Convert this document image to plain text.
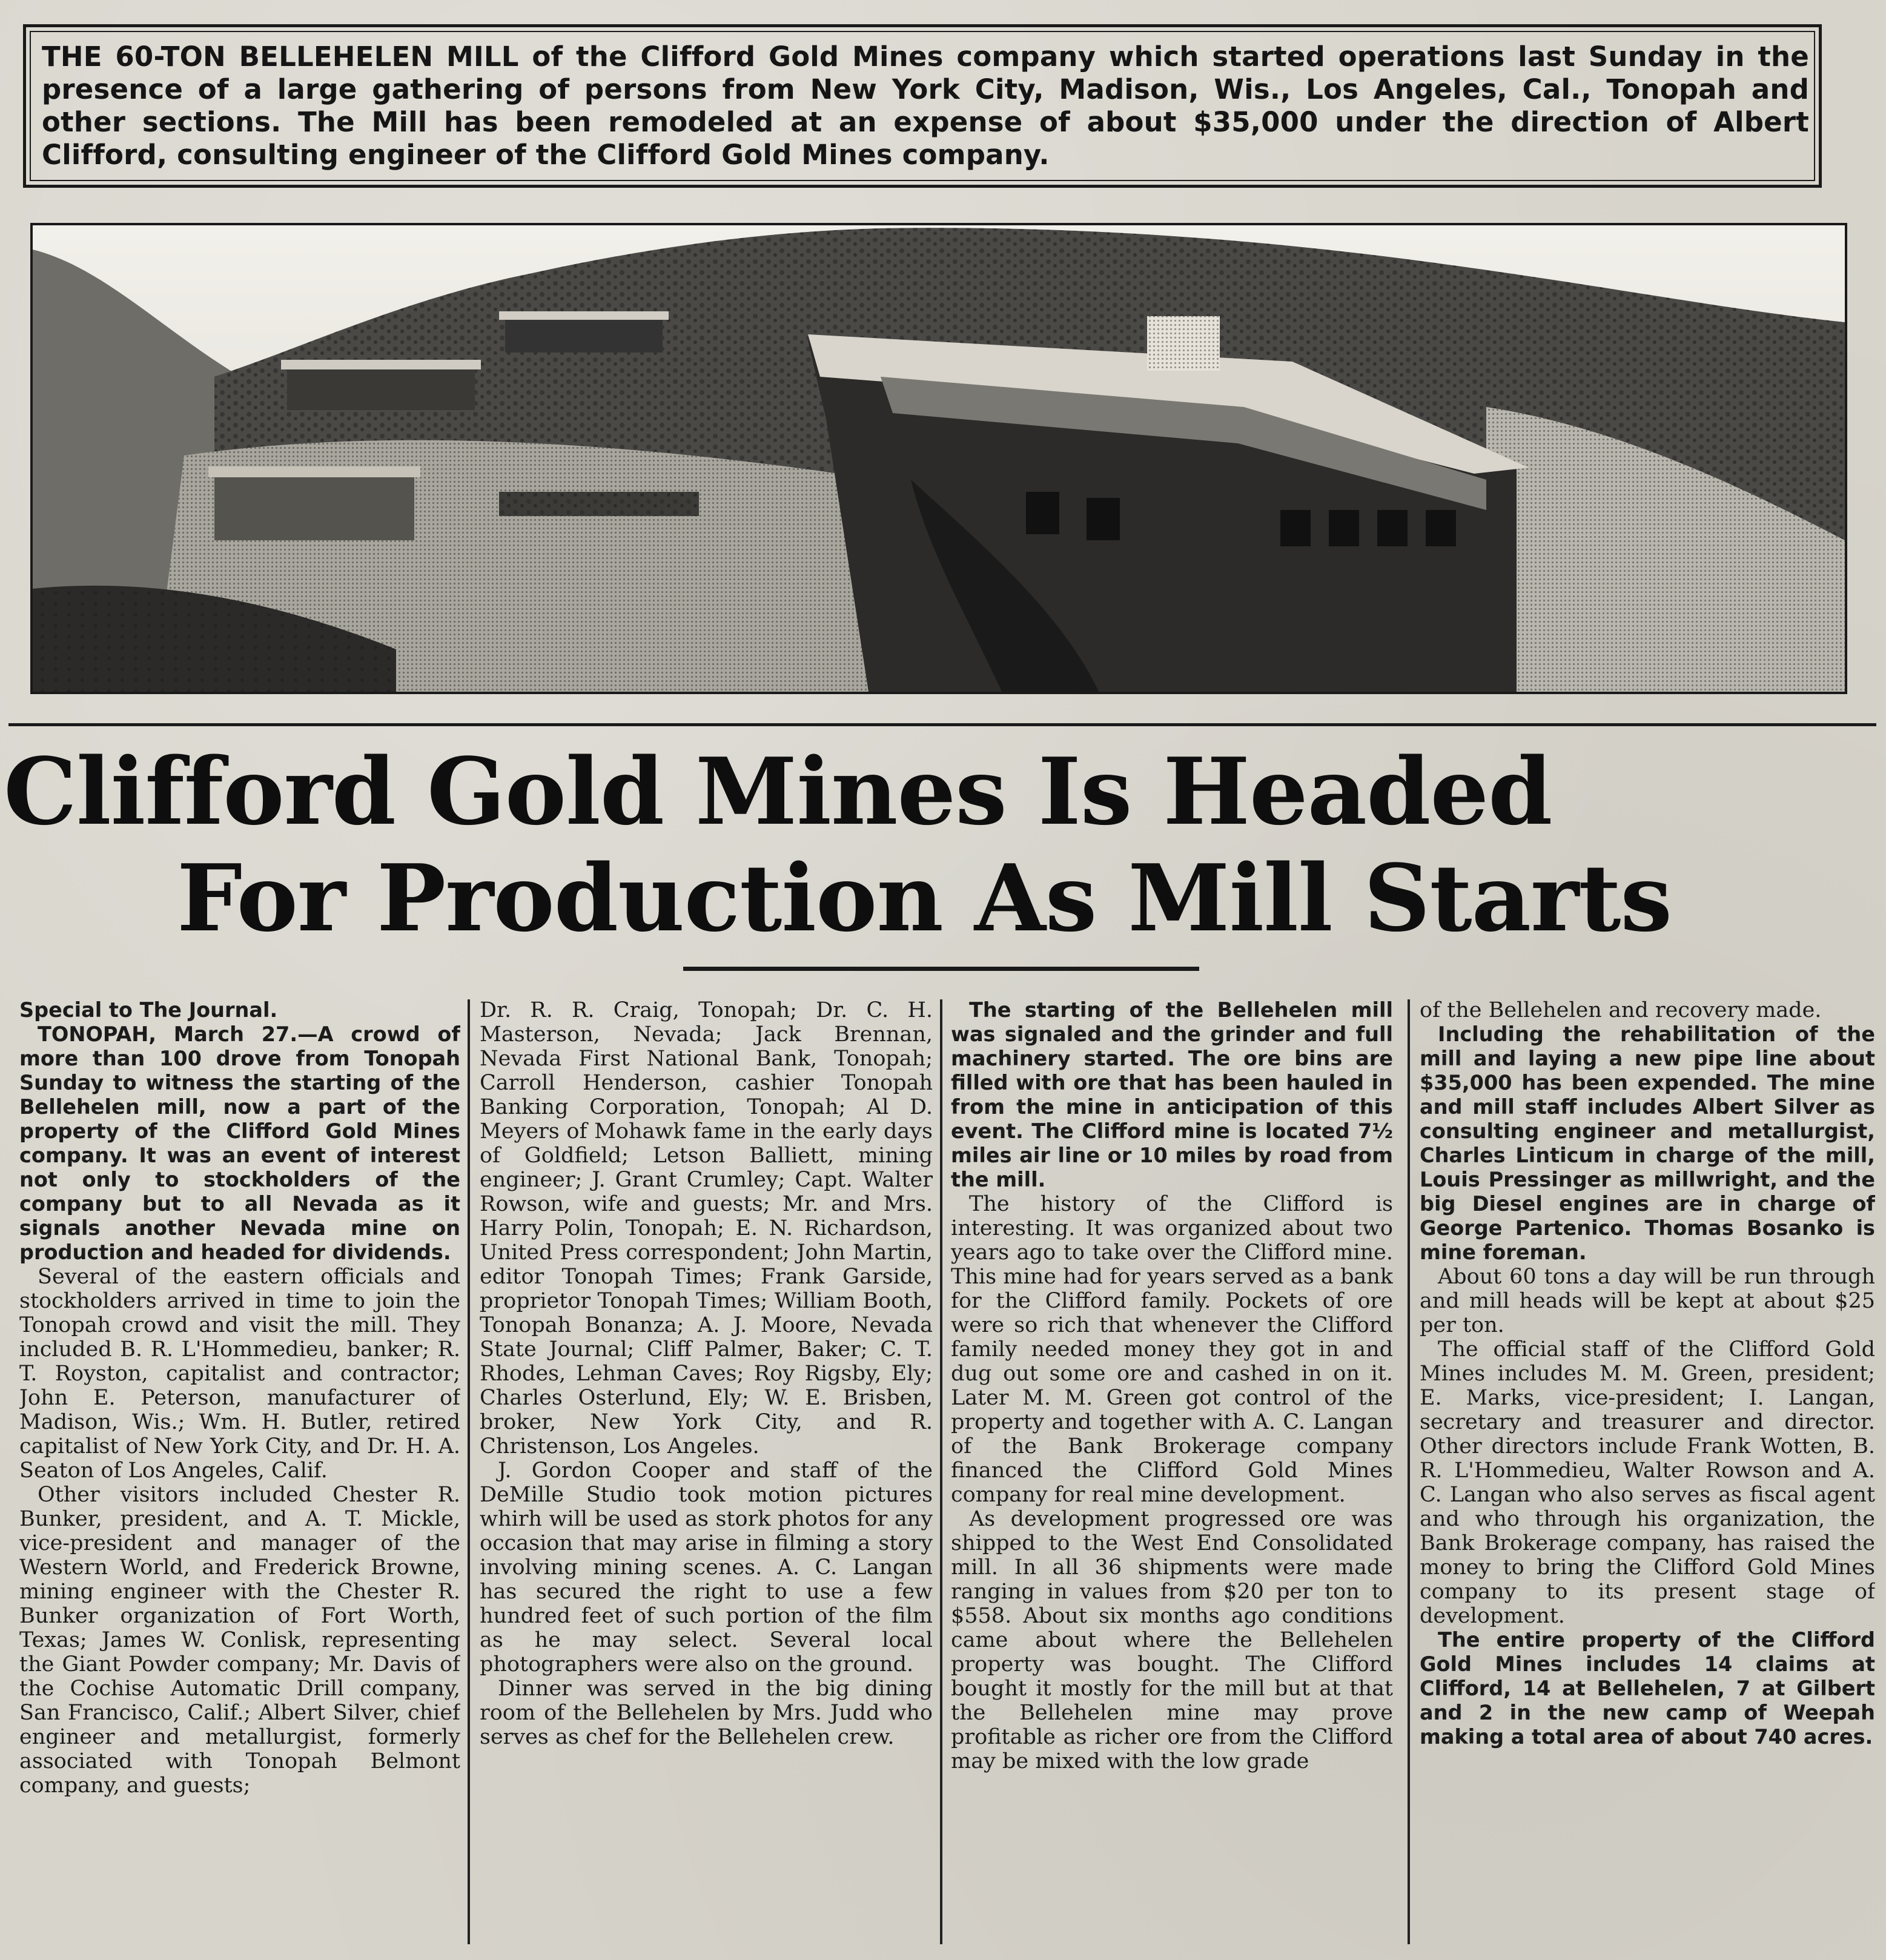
THE 60-TON BELLEHELEN MILL of the Clifford Gold Mines company which started operations last Sunday in the presence of a large gathering of persons from New York City, Madison, Wis., Los Angeles, Cal., Tonopah and other sections. The Mill has been remodeled at an expense of about $35,000 under the direction of Albert Clifford, consulting engineer of the Clifford Gold Mines company.
Clifford Gold Mines Is Headed
For Production As Mill Starts

Special to The Journal.

TONOPAH, March 27.—A crowd of more than 100 drove from Tonopah Sunday to witness the starting of the Bellehelen mill, now a part of the property of the Clifford Gold Mines company. It was an event of interest not only to stockholders of the company but to all Nevada as it signals another Nevada mine on production and headed for dividends.

Several of the eastern officials and stockholders arrived in time to join the Tonopah crowd and visit the mill. They included B. R. L'Hommedieu, banker; R. T. Royston, capitalist and contractor; John E. Peterson, manufacturer of Madison, Wis.; Wm. H. Butler, retired capitalist of New York City, and Dr. H. A. Seaton of Los Angeles, Calif.

Other visitors included Chester R. Bunker, president, and A. T. Mickle, vice-president and manager of the Western World, and Frederick Browne, mining engineer with the Chester R. Bunker organization of Fort Worth, Texas; James W. Conlisk, representing the Giant Powder company; Mr. Davis of the Cochise Automatic Drill company, San Francisco, Calif.; Albert Silver, chief engineer and metallurgist, formerly associated with Tonopah Belmont company, and guests;

Dr. R. R. Craig, Tonopah; Dr. C. H. Masterson, Nevada; Jack Brennan, Nevada First National Bank, Tonopah; Carroll Henderson, cashier Tonopah Banking Corporation, Tonopah; Al D. Meyers of Mohawk fame in the early days of Goldfield; Letson Balliett, mining engineer; J. Grant Crumley; Capt. Walter Rowson, wife and guests; Mr. and Mrs. Harry Polin, Tonopah; E. N. Richardson, United Press correspondent; John Martin, editor Tonopah Times; Frank Garside, proprietor Tonopah Times; William Booth, Tonopah Bonanza; A. J. Moore, Nevada State Journal; Cliff Palmer, Baker; C. T. Rhodes, Lehman Caves; Roy Rigsby, Ely; Charles Osterlund, Ely; W. E. Brisben, broker, New York City, and R. Christenson, Los Angeles.

J. Gordon Cooper and staff of the DeMille Studio took motion pictures whirh will be used as stork photos for any occasion that may arise in filming a story involving mining scenes. A. C. Langan has secured the right to use a few hundred feet of such portion of the film as he may select. Several local photographers were also on the ground.

Dinner was served in the big dining room of the Bellehelen by Mrs. Judd who serves as chef for the Bellehelen crew.

The starting of the Bellehelen mill was signaled and the grinder and full machinery started. The ore bins are filled with ore that has been hauled in from the mine in anticipation of this event. The Clifford mine is located 7½ miles air line or 10 miles by road from the mill.

The history of the Clifford is interesting. It was organized about two years ago to take over the Clifford mine. This mine had for years served as a bank for the Clifford family. Pockets of ore were so rich that whenever the Clifford family needed money they got in and dug out some ore and cashed in on it. Later M. M. Green got control of the property and together with A. C. Langan of the Bank Brokerage company financed the Clifford Gold Mines company for real mine development.

As development progressed ore was shipped to the West End Consolidated mill. In all 36 shipments were made ranging in values from $20 per ton to $558. About six months ago conditions came about where the Bellehelen property was bought. The Clifford bought it mostly for the mill but at that the Bellehelen mine may prove profitable as richer ore from the Clifford may be mixed with the low grade

of the Bellehelen and recovery made.

Including the rehabilitation of the mill and laying a new pipe line about $35,000 has been expended. The mine and mill staff includes Albert Silver as consulting engineer and metallurgist, Charles Linticum in charge of the mill, Louis Pressinger as millwright, and the big Diesel engines are in charge of George Partenico. Thomas Bosanko is mine foreman.

About 60 tons a day will be run through and mill heads will be kept at about $25 per ton.

The official staff of the Clifford Gold Mines includes M. M. Green, president; E. Marks, vice-president; I. Langan, secretary and treasurer and director. Other directors include Frank Wotten, B. R. L'Hommedieu, Walter Rowson and A. C. Langan who also serves as fiscal agent and who through his organization, the Bank Brokerage company, has raised the money to bring the Clifford Gold Mines company to its present stage of development.

The entire property of the Clifford Gold Mines includes 14 claims at Clifford, 14 at Bellehelen, 7 at Gilbert and 2 in the new camp of Weepah making a total area of about 740 acres.
